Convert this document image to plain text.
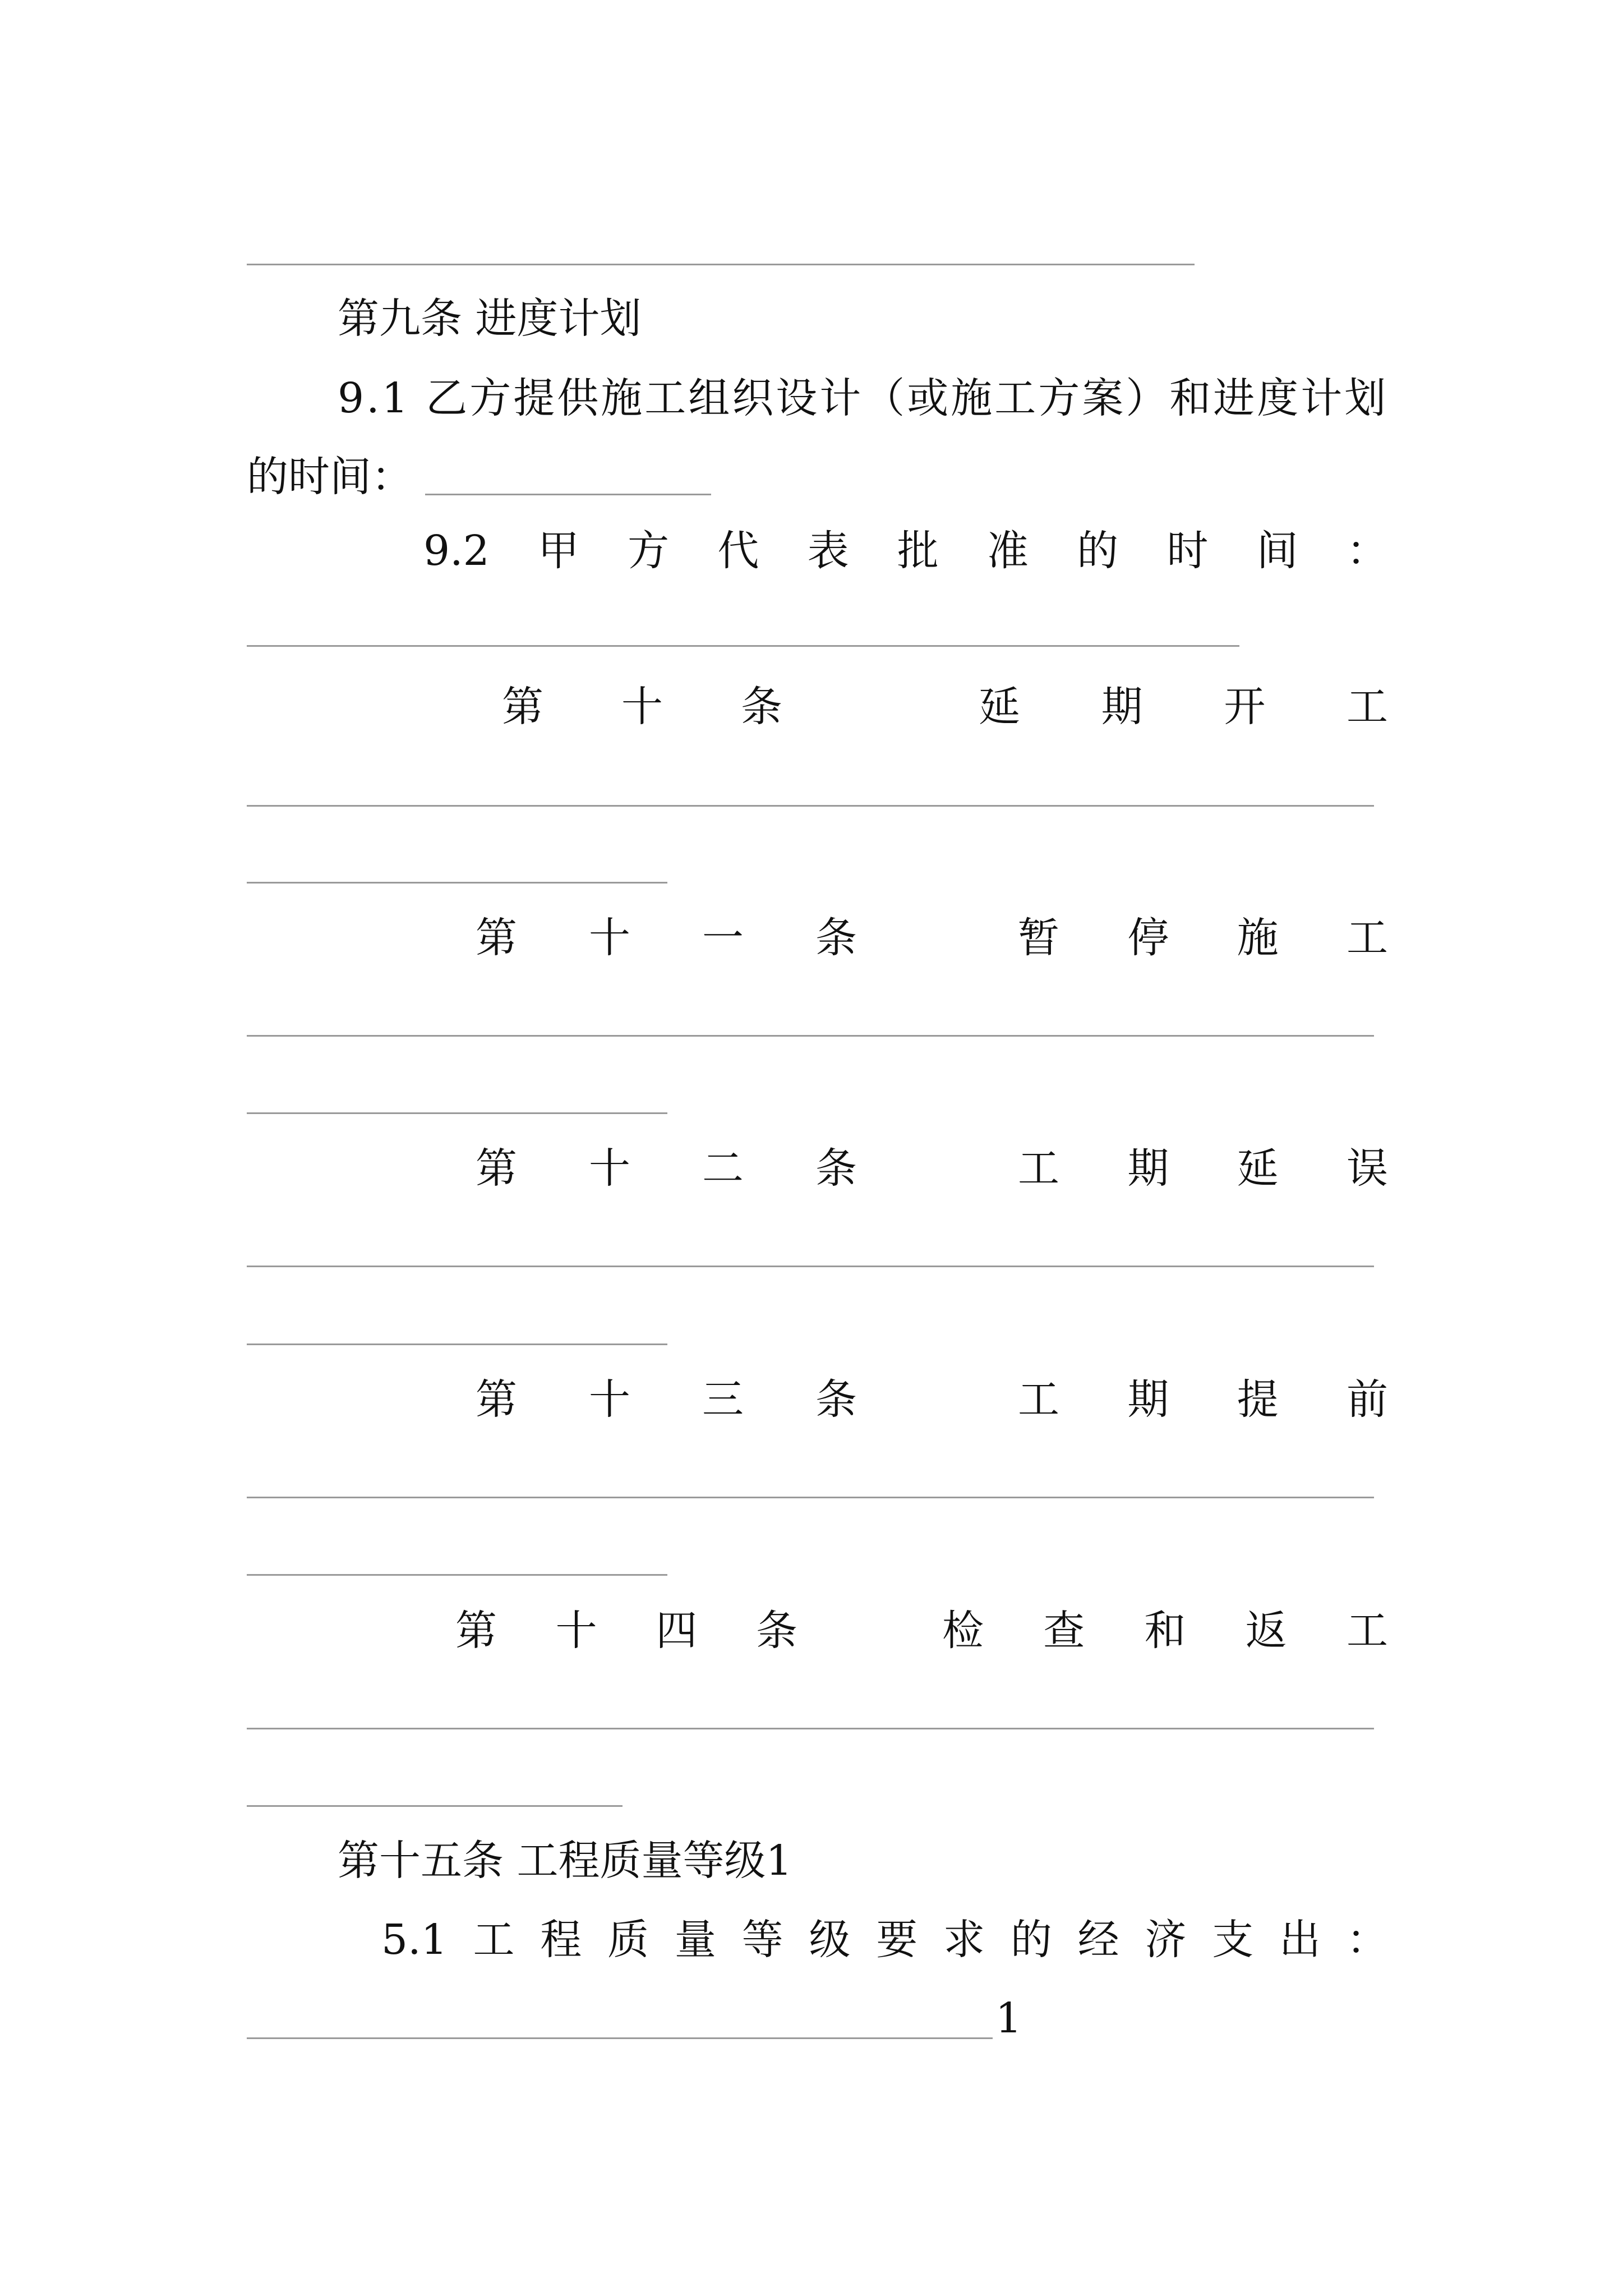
第九条 进度计划
9.1 乙方提供施工组织设计（或施工方案）和进度计划
的时间：
9.2 甲 方 代 表 批 准 的 时 间 ：
第 十 条	延 期 开 工
第 十 一 条	暂 停 施 工
第 十 二 条	工 期 延 误
第 十 三 条	工 期 提 前
第 十 四 条	检 查 和 返 工
第十五条 工程质量等级1
5.1 工 程 质 量 等 级 要 求 的 经 济 支 出 ：
1
